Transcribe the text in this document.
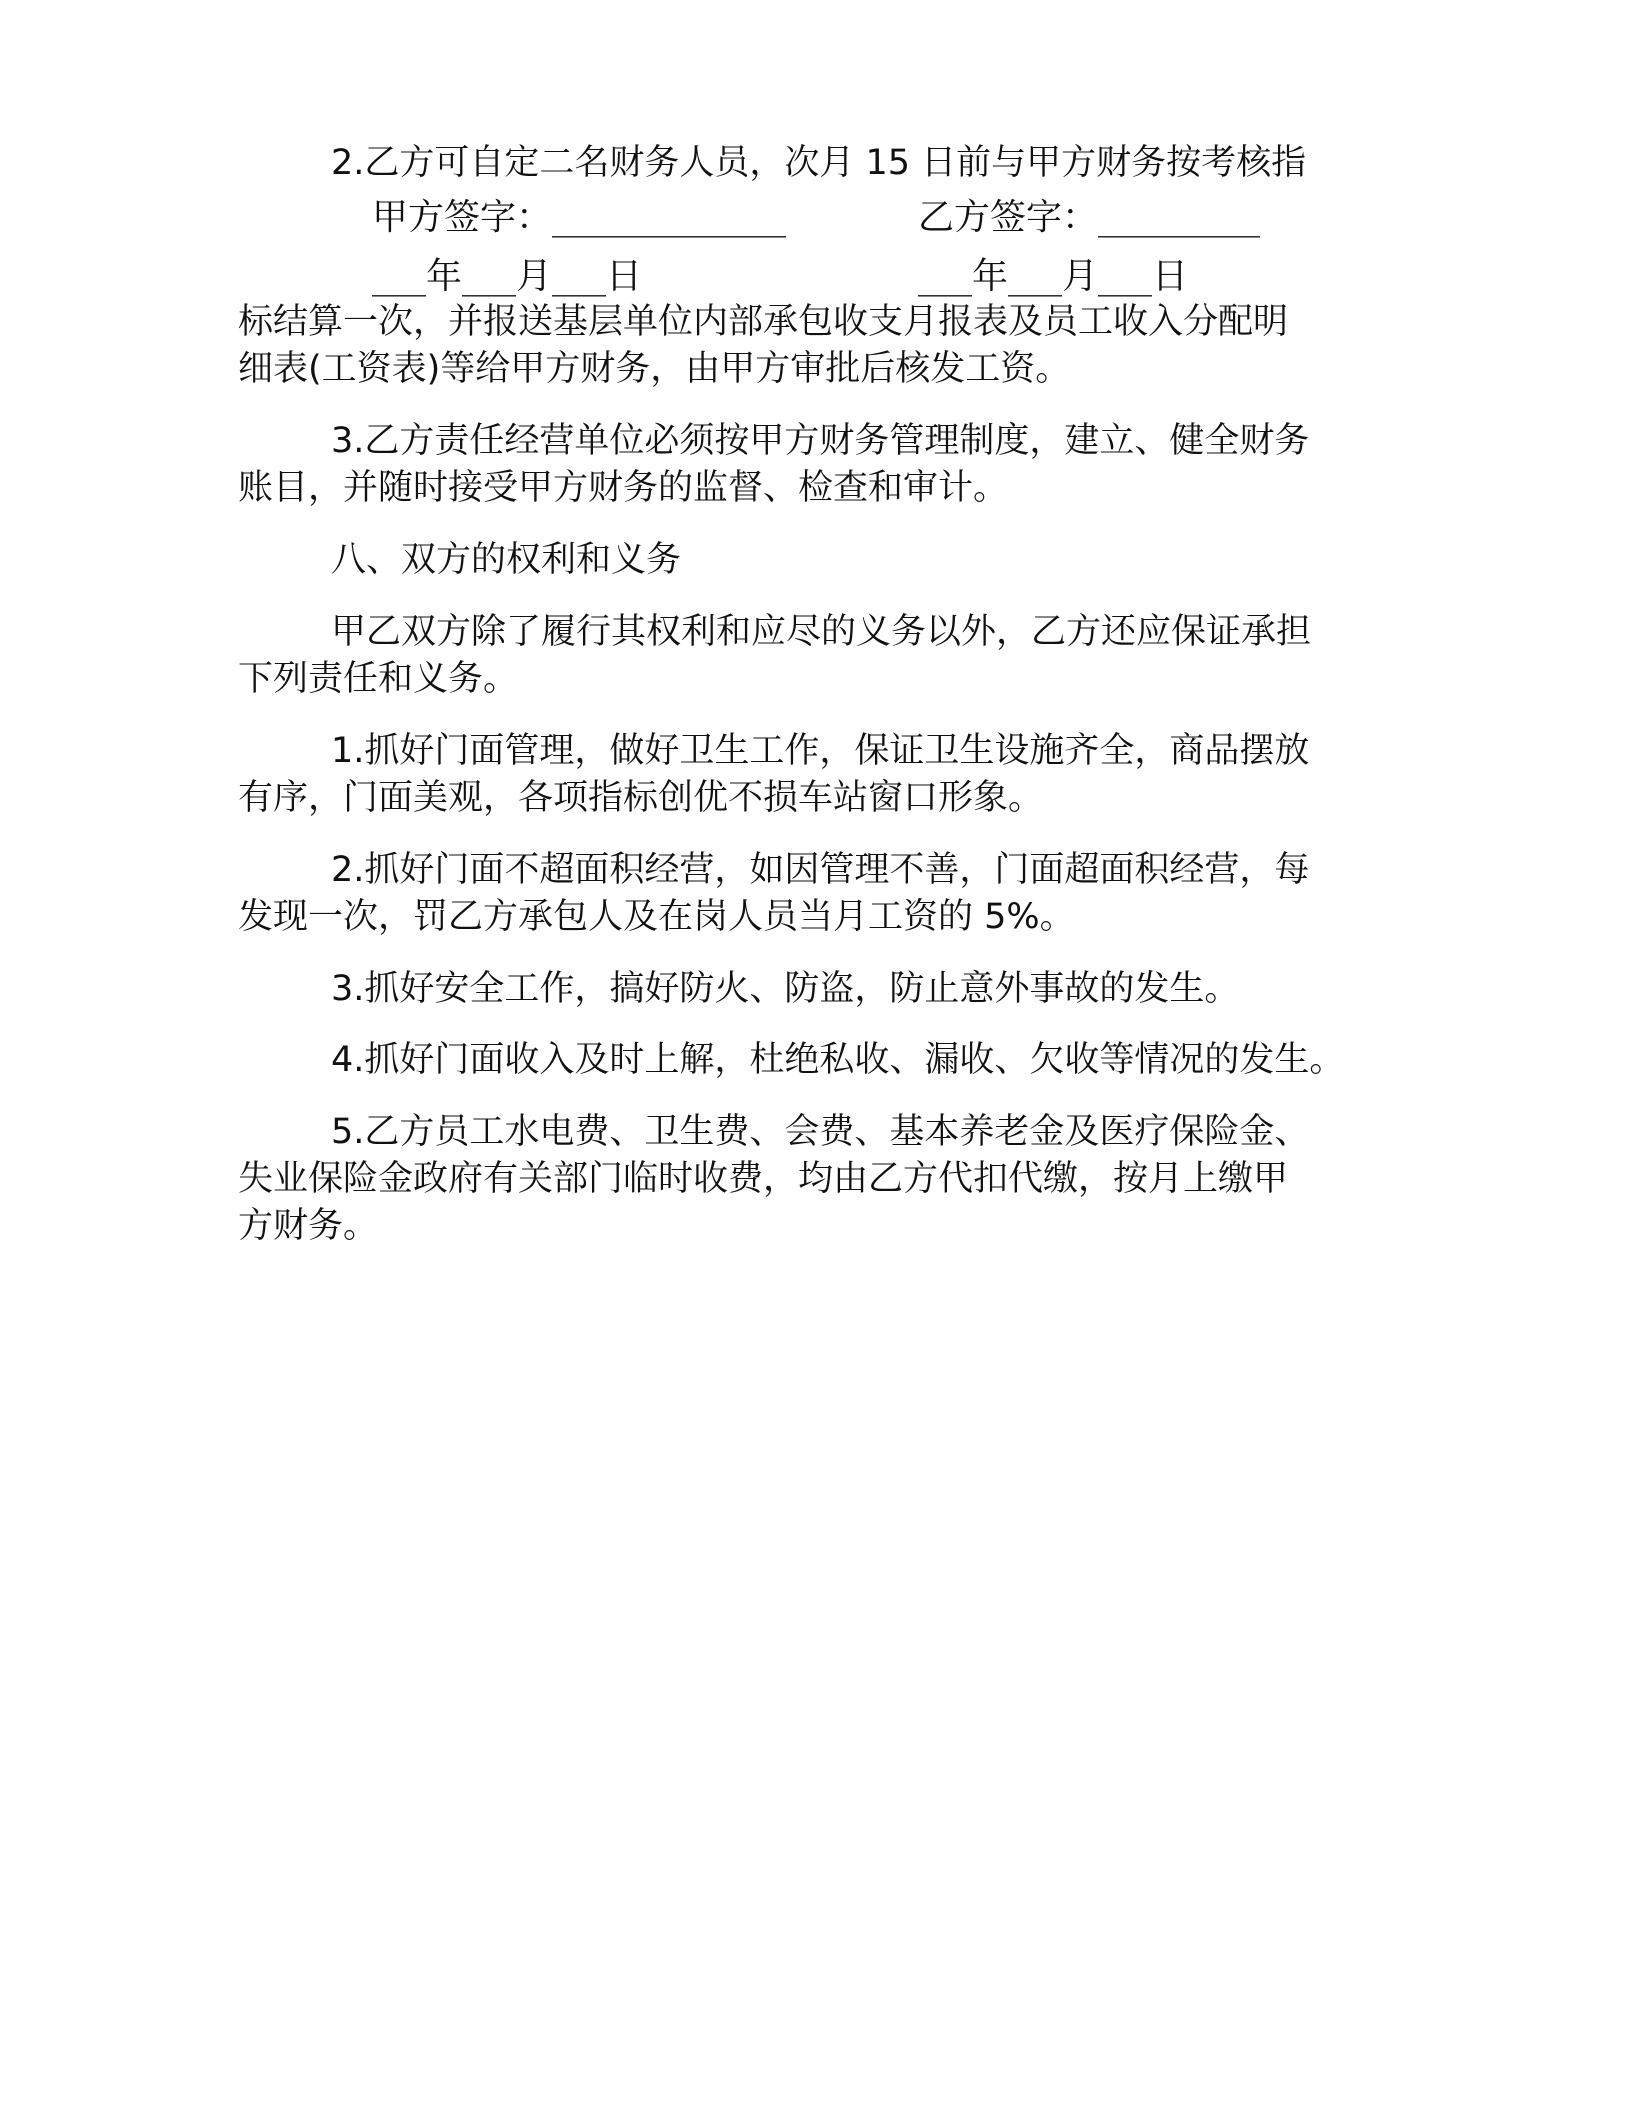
2.乙方可自定二名财务人员，次月 15 日前与甲方财务按考核指
甲方签字：_____________	乙方签字：_________
___年___月___日	___年___月___日
标结算一次，并报送基层单位内部承包收支月报表及员工收入分配明
细表(工资表)等给甲方财务，由甲方审批后核发工资。
3.乙方责任经营单位必须按甲方财务管理制度，建立、健全财务
账目，并随时接受甲方财务的监督、检查和审计。
八、双方的权利和义务
甲乙双方除了履行其权利和应尽的义务以外，乙方还应保证承担
下列责任和义务。
1.抓好门面管理，做好卫生工作，保证卫生设施齐全，商品摆放
有序，门面美观，各项指标创优不损车站窗口形象。
2.抓好门面不超面积经营，如因管理不善，门面超面积经营，每
发现一次，罚乙方承包人及在岗人员当月工资的 5%。
3.抓好安全工作，搞好防火、防盗，防止意外事故的发生。
4.抓好门面收入及时上解，杜绝私收、漏收、欠收等情况的发生。
5.乙方员工水电费、卫生费、会费、基本养老金及医疗保险金、
失业保险金政府有关部门临时收费，均由乙方代扣代缴，按月上缴甲
方财务。
